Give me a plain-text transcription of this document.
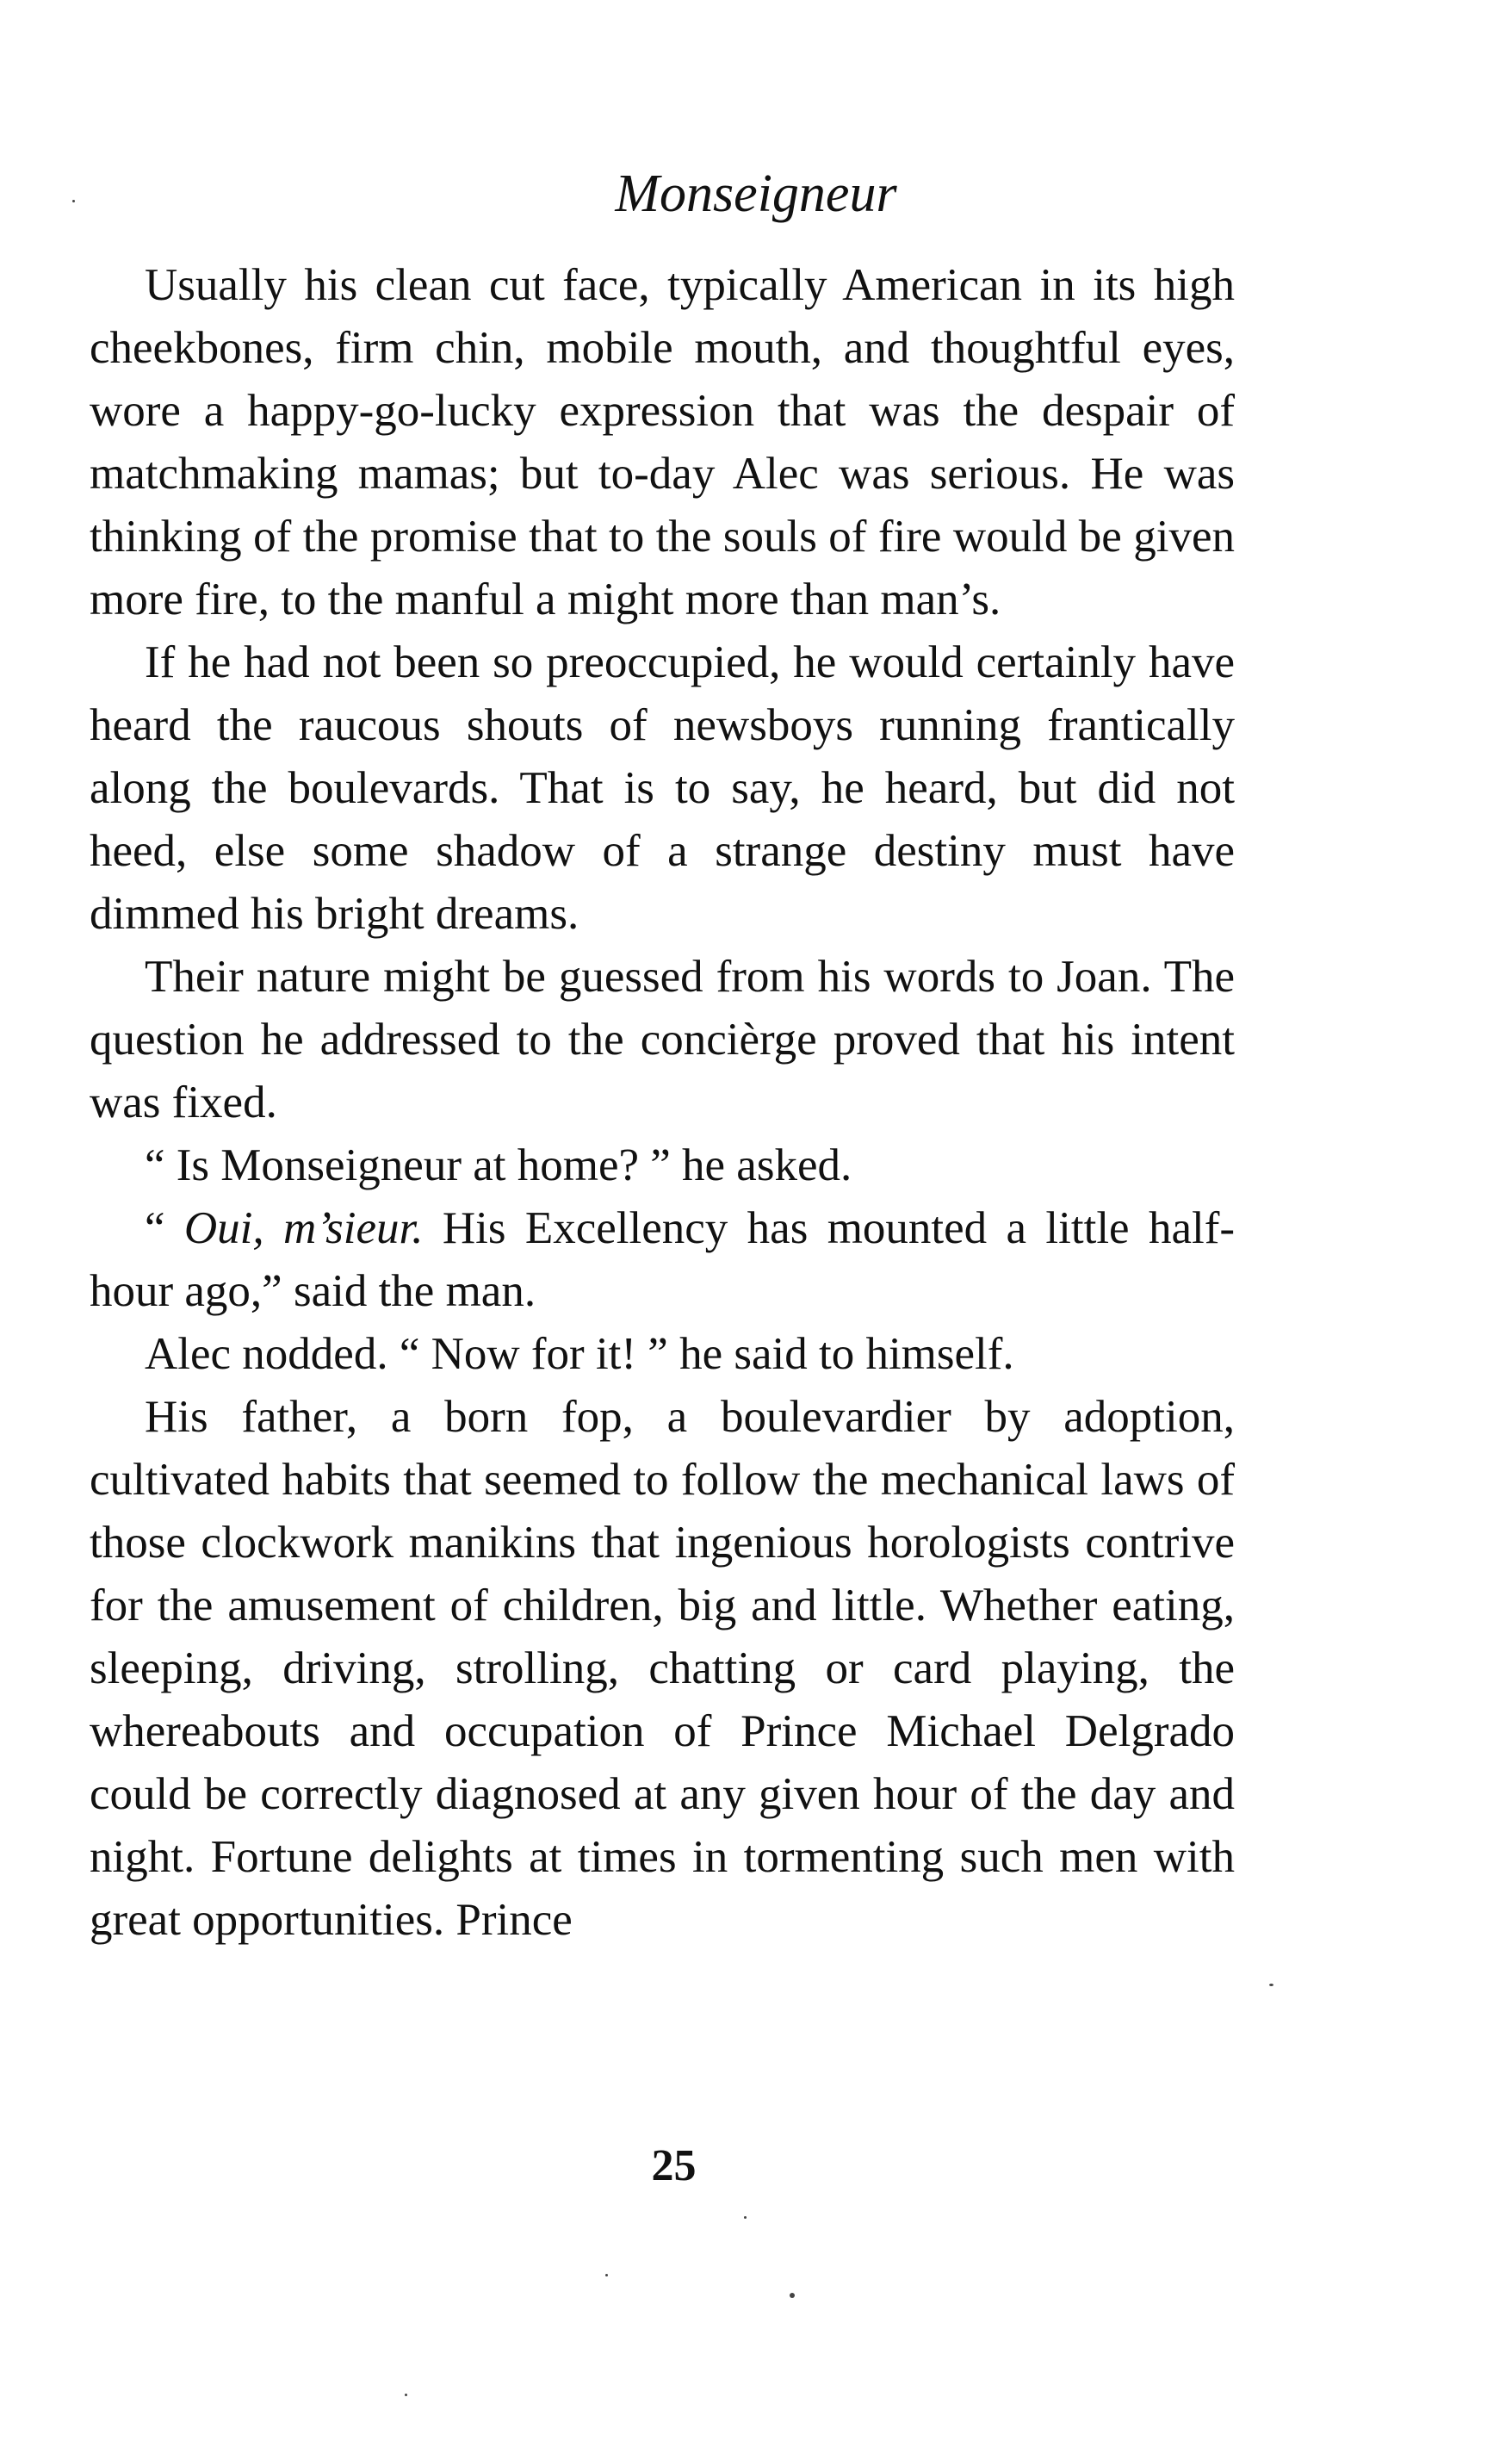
Monseigneur

Usually his clean cut face, typically American in its high cheekbones, firm chin, mobile mouth, and thoughtful eyes, wore a happy-go-lucky expression that was the despair of matchmaking mamas; but to-day Alec was serious. He was thinking of the promise that to the souls of fire would be given more fire, to the manful a might more than man’s.

If he had not been so preoccupied, he would certainly have heard the raucous shouts of newsboys running frantically along the boulevards. That is to say, he heard, but did not heed, else some shadow of a strange destiny must have dimmed his bright dreams.

Their nature might be guessed from his words to Joan. The question he addressed to the concièrge proved that his intent was fixed.

“ Is Monseigneur at home? ” he asked.

“ Oui, m’sieur. His Excellency has mounted a little half-hour ago,” said the man.

Alec nodded. “ Now for it! ” he said to himself.

His father, a born fop, a boulevardier by adoption, cultivated habits that seemed to follow the mechanical laws of those clockwork manikins that ingenious horologists contrive for the amusement of children, big and little. Whether eating, sleeping, driving, strolling, chatting or card playing, the whereabouts and occupation of Prince Michael Delgrado could be correctly diagnosed at any given hour of the day and night. Fortune delights at times in tormenting such men with great opportunities. Prince

25
